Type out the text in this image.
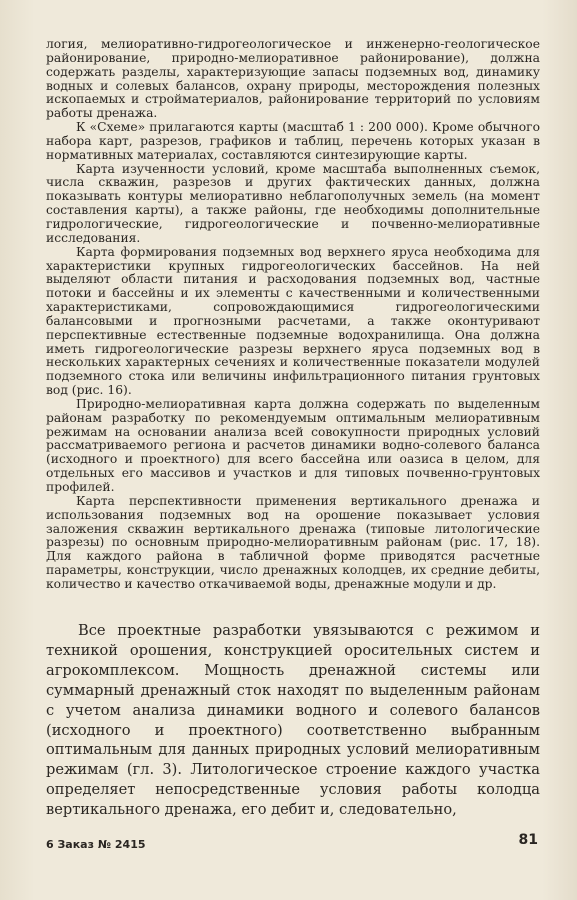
логия, мелиоративно-гидрогеологическое и инженерно-геологическое районирование, природно-мелиоративное районирование), должна содержать разделы, характеризующие запасы подземных вод, динамику водных и солевых балансов, охрану природы, месторождения полезных ископаемых и стройматериалов, районирование территорий по условиям работы дренажа.

К «Схеме» прилагаются карты (масштаб 1 : 200 000). Кроме обычного набора карт, разрезов, графиков и таблиц, перечень которых указан в нормативных материалах, составляются синтезирующие карты.

Карта изученности условий, кроме масштаба выполненных съемок, числа скважин, разрезов и других фактических данных, должна показывать контуры мелиоративно неблагополучных земель (на момент составления карты), а также районы, где необходимы дополнительные гидрологические, гидрогеологические и почвенно-мелиоративные исследования.

Карта формирования подземных вод верхнего яруса необходима для характеристики крупных гидрогеологических бассейнов. На ней выделяют области питания и расходования подземных вод, частные потоки и бассейны и их элементы с качественными и количественными характеристиками, сопровождающимися гидрогеологическими балансовыми и прогнозными расчетами, а также оконтуривают перспективные естественные подземные водохранилища. Она должна иметь гидрогеологические разрезы верхнего яруса подземных вод в нескольких характерных сечениях и количественные показатели модулей подземного стока или величины инфильтрационного питания грунтовых вод (рис. 16).

Природно-мелиоративная карта должна содержать по выделенным районам разработку по рекомендуемым оптимальным мелиоративным режимам на основании анализа всей совокупности природных условий рассматриваемого региона и расчетов динамики водно-солевого баланса (исходного и проектного) для всего бассейна или оазиса в целом, для отдельных его массивов и участков и для типовых почвенно-грунтовых профилей.

Карта перспективности применения вертикального дренажа и использования подземных вод на орошение показывает условия заложения скважин вертикального дренажа (типовые литологические разрезы) по основным природно-мелиоративным районам (рис. 17, 18). Для каждого района в табличной форме приводятся расчетные параметры, конструкции, число дренажных колодцев, их средние дебиты, количество и качество откачиваемой воды, дренажные модули и др.

Все проектные разработки увязываются с режимом и техникой орошения, конструкцией оросительных систем и агрокомплексом. Мощность дренажной системы или суммарный дренажный сток находят по выделенным районам с учетом анализа динамики водного и солевого балансов (исходного и проектного) соответственно выбранным оптимальным для данных природных условий мелиоративным режимам (гл. 3). Литологическое строение каждого участка определяет непосредственные условия работы колодца вертикального дренажа, его дебит и, следовательно,

6 Заказ № 2415	81
